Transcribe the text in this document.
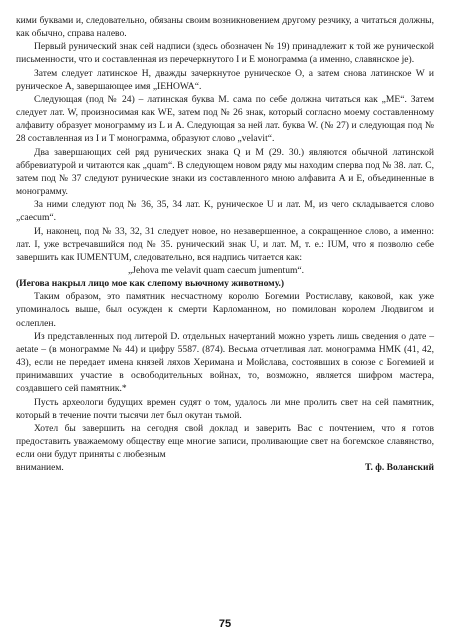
кими буквами и, следовательно, обязаны своим возникновением другому резчику, а читаться должны, как обычно, справа налево.

Первый рунический знак сей надписи (здесь обозначен № 19) принадлежит к той же рунической письменности, что и составленная из перечеркнутого I и Е монограмма (а именно, славянское je).

Затем следует латинское Н, дважды зачеркнутое руническое O, а затем снова латинское W и руническое A, завершающее имя „IEHOWA“.

Следующая (под № 24) – латинская буква М. сама по себе должна читаться как „ME“. Затем следует лат. W, произносимая как WE, затем под № 26 знак, который согласно моему составленному алфавиту образует монограмму из L и A. Следующая за ней лат. буква W. (№ 27) и следующая под № 28 составленная из I и T монограмма, образуют слово „velavit“.

Два завершающих сей ряд рунических знака Q и M (29. 30.) являются обычной латинской аббревиатурой и читаются как „quam“. В следующем новом ряду мы находим сперва под № 38. лат. C, затем под № 37 следуют рунические знаки из составленного мною алфавита A и E, объединенные в монограмму.

За ними следуют под № 36, 35, 34 лат. K, руническое U и лат. M, из чего складывается слово „caecum“.

И, наконец, под № 33, 32, 31 следует новое, но незавершенное, а сокращенное слово, а именно: лат. I, уже встречавшийся под № 35. рунический знак U, и лат. M, т. е.: IUM, что я позволю себе завершить как IUMENTUM, следовательно, вся надпись читается как:

„Jehova me velavit quam caecum jumentum“.

(Иегова накрыл лицо мое как слепому вьючному животному.)

Таким образом, это памятник несчастному королю Богемии Ростиславу, каковой, как уже упоминалось выше, был осужден к смерти Карломанном, но помилован королем Людвигом и ослеплен.

Из представленных под литерой D. отдельных начертаний можно узреть лишь сведения о дате – aetate – (в монограмме № 44) и цифру 5587. (874). Весьма отчетливая лат. монограмма HMK (41, 42, 43), если не передает имена князей ляхов Херимана и Мойслава, состоявших в союзе с Богемией и принимавших участие в освободительных войнах, то, возможно, является шифром мастера, создавшего сей памятник.*

Пусть археологи будущих времен судят о том, удалось ли мне пролить свет на сей памятник, который в течение почти тысячи лет был окутан тьмой.

Хотел бы завершить на сегодня свой доклад и заверить Вас с почтением, что я готов предоставить уважаемому обществу еще многие записи, проливающие свет на богемское славянство, если они будут приняты с любезным

вниманием.	Т. ф. Воланский
75
